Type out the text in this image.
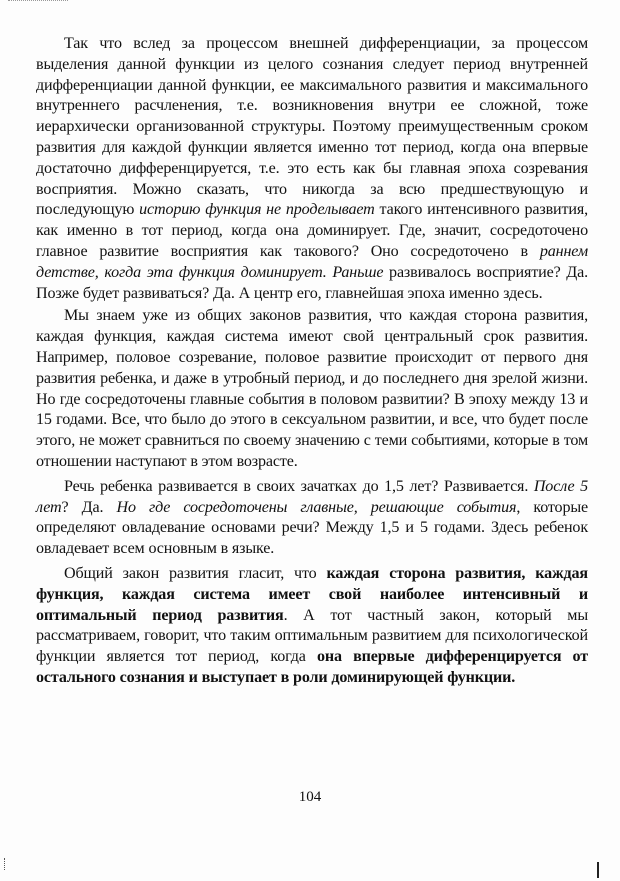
Так что вслед за процессом внешней дифференциации, за процессом выделения данной функции из целого сознания следует период внутренней дифференциации данной функции, ее максимального развития и максимального внутреннего расчленения, т.е. возникновения внутри ее сложной, тоже иерархически организованной структуры. Поэтому преимущественным сроком развития для каждой функции является именно тот период, когда она впервые достаточно дифференцируется, т.е. это есть как бы главная эпоха созревания восприятия. Можно сказать, что никогда за всю предшествующую и последующую историю функция не проделывает такого интенсивного развития, как именно в тот период, когда она доминирует. Где, значит, сосредоточено главное развитие восприятия как такового? Оно сосредоточено в раннем детстве, когда эта функция доминирует. Раньше развивалось восприятие? Да. Позже будет развиваться? Да. А центр его, главнейшая эпоха именно здесь.

Мы знаем уже из общих законов развития, что каждая сторона развития, каждая функция, каждая система имеют свой центральный срок развития. Например, половое созревание, половое развитие происходит от первого дня развития ребенка, и даже в утробный период, и до последнего дня зрелой жизни. Но где сосредоточены главные события в половом развитии? В эпоху между 13 и 15 годами. Все, что было до этого в сексуальном развитии, и все, что будет после этого, не может сравниться по своему значению с теми событиями, которые в том отношении наступают в этом возрасте.

Речь ребенка развивается в своих зачатках до 1,5 лет? Развивается. После 5 лет? Да. Но где сосредоточены главные, решающие события, которые определяют овладевание основами речи? Между 1,5 и 5 годами. Здесь ребенок овладевает всем основным в языке.

Общий закон развития гласит, что каждая сторона развития, каждая функция, каждая система имеет свой наиболее интенсивный и оптимальный период развития. А тот частный закон, который мы рассматриваем, говорит, что таким оптимальным развитием для психологической функции является тот период, когда она впервые дифференцируется от остального сознания и выступает в роли доминирующей функции.

104
